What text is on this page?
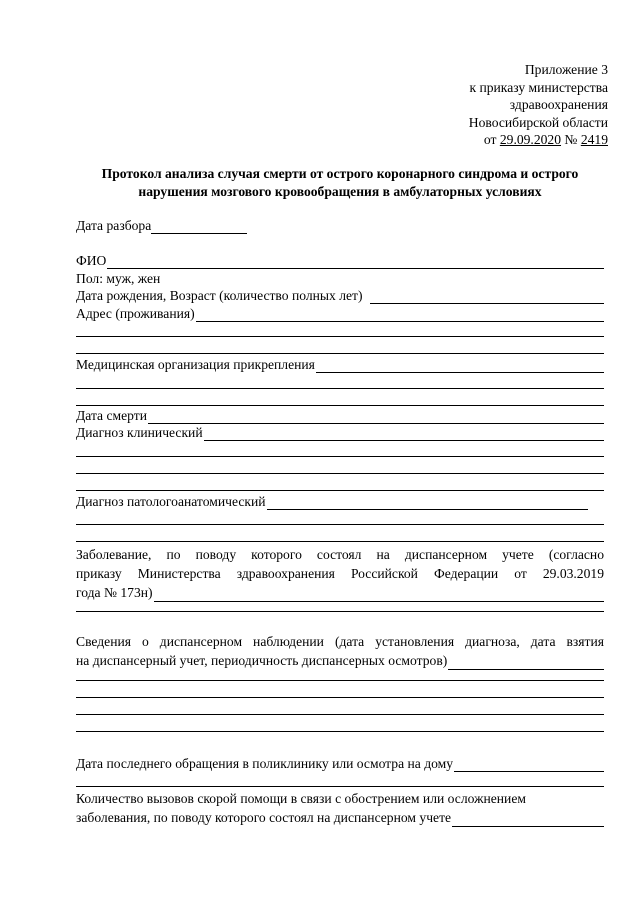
Приложение 3
к приказу министерства
здравоохранения
Новосибирской области
от 29.09.2020 № 2419
Протокол анализа случая смерти от острого коронарного синдрома и острого
нарушения мозгового кровообращения в амбулаторных условиях
Дата разбора
ФИО
Пол: муж, жен
Дата рождения, Возраст (количество полных лет)
Адрес (проживания)
Медицинская организация прикрепления
Дата смерти
Диагноз клинический
Диагноз патологоанатомический
Заболевание, по поводу которого состоял на диспансерном учете (согласно
приказу Министерства здравоохранения Российской Федерации от 29.03.2019
года № 173н)
Сведения о диспансерном наблюдении (дата установления диагноза, дата взятия
на диспансерный учет, периодичность диспансерных осмотров)
Дата последнего обращения в поликлинику или осмотра на дому
Количество вызовов скорой помощи в связи с обострением или осложнением
заболевания, по поводу которого состоял на диспансерном учете
